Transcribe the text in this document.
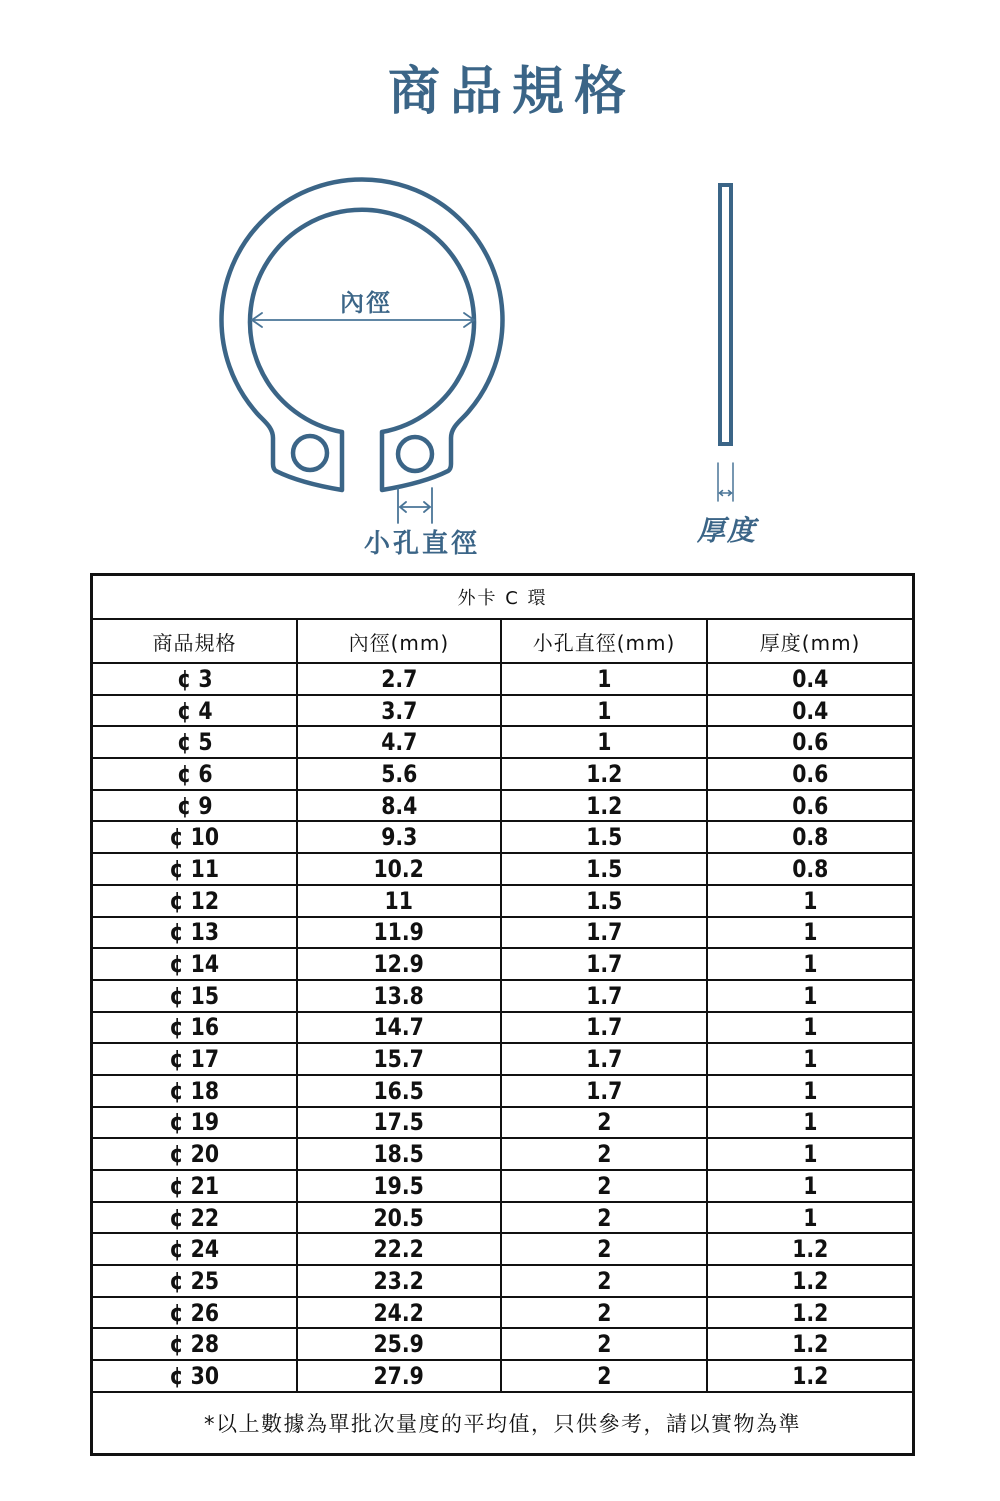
商品規格
內徑
小孔直徑	厚度
外卡 C 環			
商品規格	內徑(mm)	小孔直徑(mm)	厚度(mm)
¢ 3	2.7	1	0.4
¢ 4	3.7	1	0.4
¢ 5	4.7	1	0.6
¢ 6	5.6	1.2	0.6
¢ 9	8.4	1.2	0.6
¢ 10	9.3	1.5	0.8
¢ 11	10.2	1.5	0.8
¢ 12	11	1.5	1
¢ 13	11.9	1.7	1
¢ 14	12.9	1.7	1
¢ 15	13.8	1.7	1
¢ 16	14.7	1.7	1
¢ 17	15.7	1.7	1
¢ 18	16.5	1.7	1
¢ 19	17.5	2	1
¢ 20	18.5	2	1
¢ 21	19.5	2	1
¢ 22	20.5	2	1
¢ 24	22.2	2	1.2
¢ 25	23.2	2	1.2
¢ 26	24.2	2	1.2
¢ 28	25.9	2	1.2
¢ 30	27.9	2	1.2
*以上數據為單批次量度的平均值，只供參考，請以實物為準			
